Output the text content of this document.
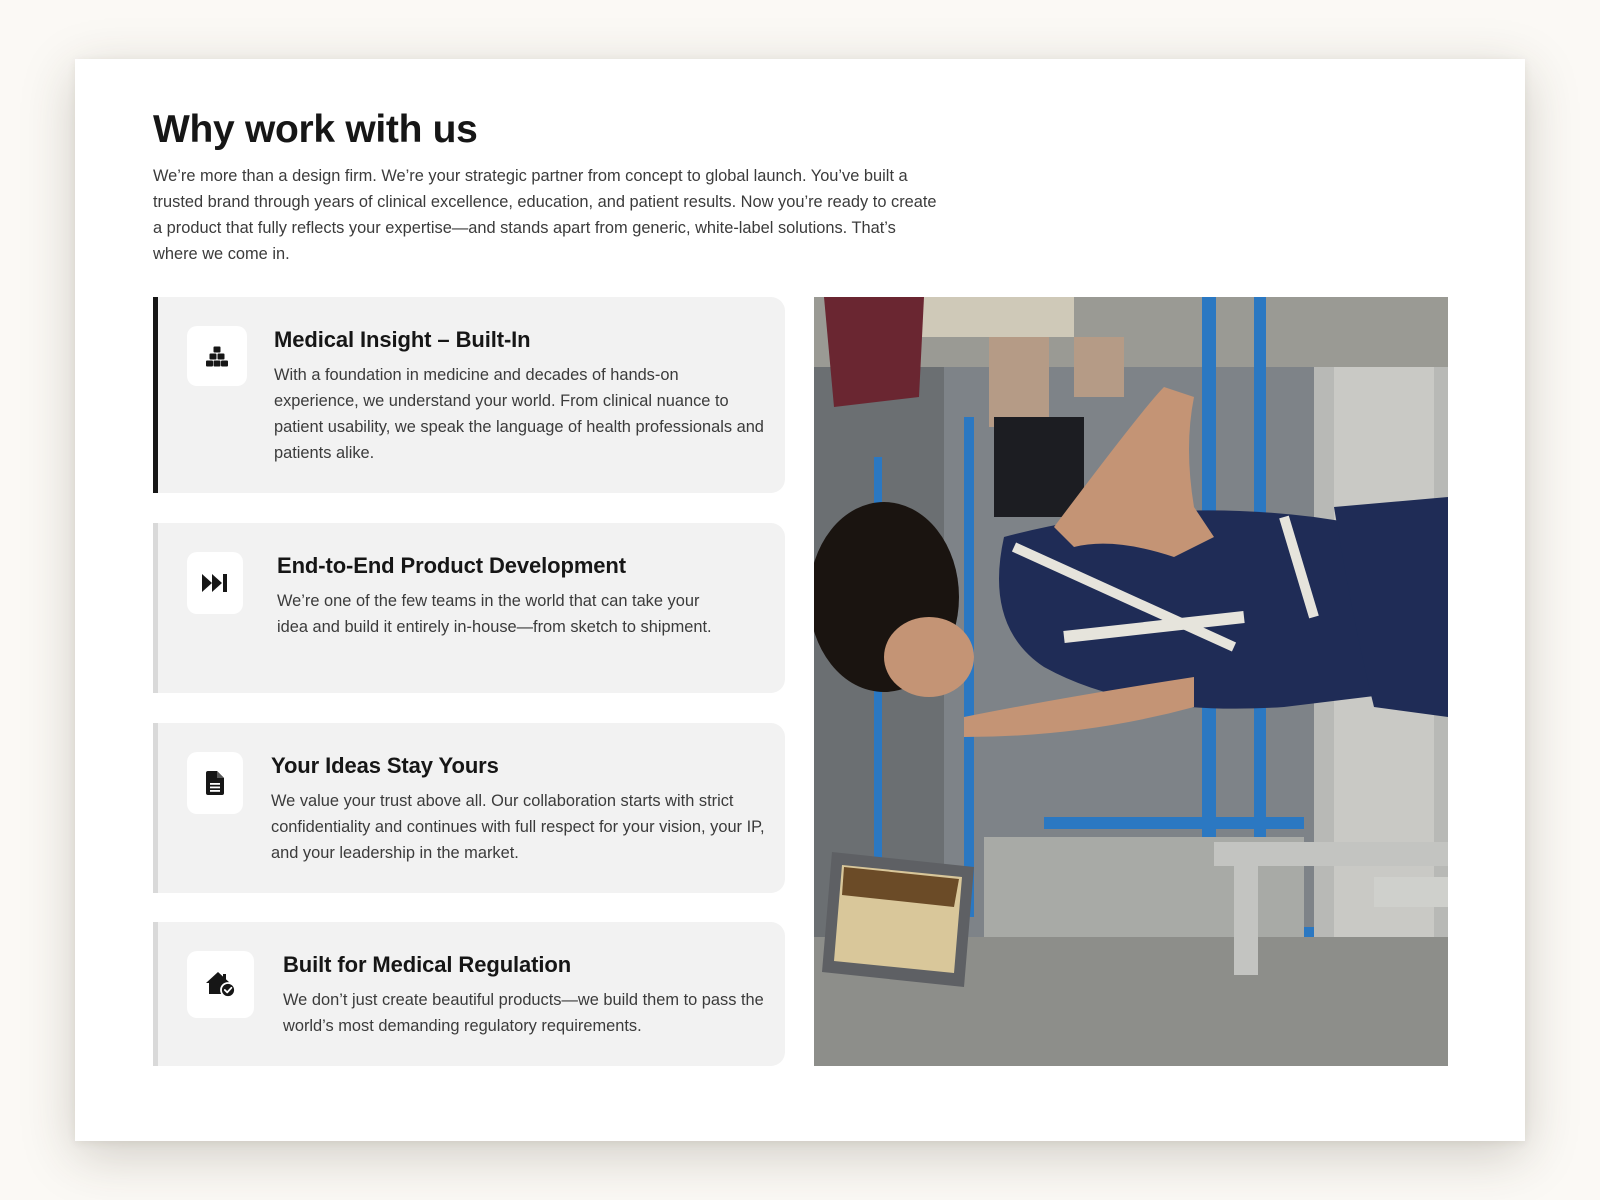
Why work with us

We’re more than a design firm. We’re your strategic partner from concept to global launch. You’ve built a trusted brand through years of clinical excellence, education, and patient results. Now you’re ready to create a product that fully reflects your expertise—and stands apart from generic, white-label solutions. That’s where we come in.

Medical Insight – Built-In

With a foundation in medicine and decades of hands-on experience, we understand your world. From clinical nuance to patient usability, we speak the language of health professionals and patients alike.

End-to-End Product Development

We’re one of the few teams in the world that can take your idea and build it entirely in-house—from sketch to shipment.

Your Ideas Stay Yours

We value your trust above all. Our collaboration starts with strict confidentiality and continues with full respect for your vision, your IP, and your leadership in the market.

Built for Medical Regulation

We don’t just create beautiful products—we build them to pass the world’s most demanding regulatory requirements.
